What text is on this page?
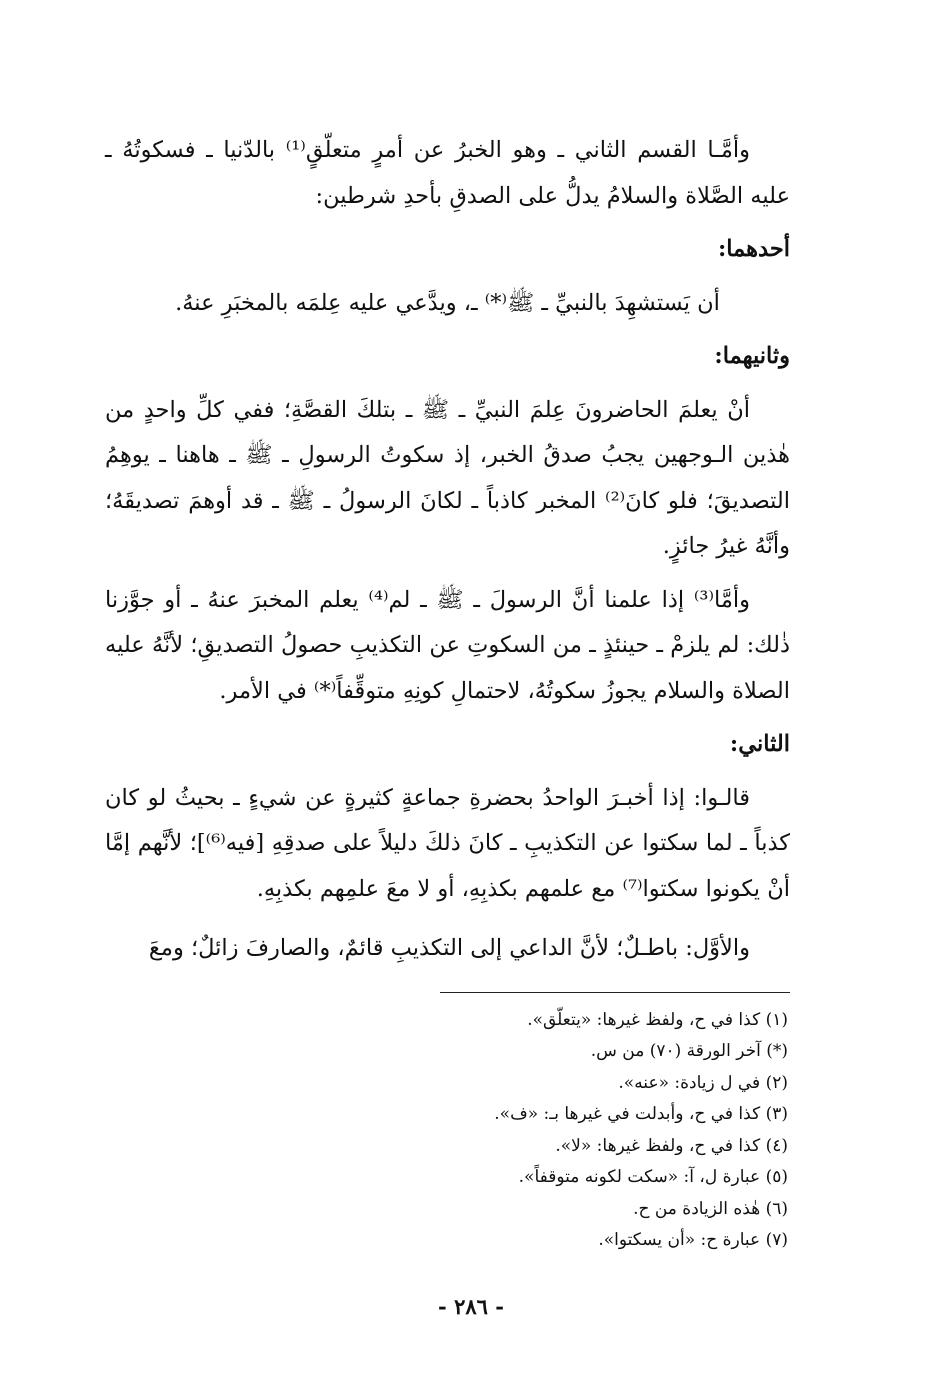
وأمَّـا القسم الثاني ـ وهو الخبرُ عن أمرٍ متعلّقٍ⁽¹⁾ بالدّنيا ـ فسكوتُهُ ـ عليه الصَّلاة والسلامُ يدلُّ على الصدقِ بأحدِ شرطين:

أحدهما:

أن يَستشهِدَ بالنبيِّ ـ ﷺ⁽*⁾ ـ، ويدَّعي عليه عِلمَه بالمخبَرِ عنهُ.

وثانيهما:

أنْ يعلمَ الحاضرونَ عِلمَ النبيِّ ـ ﷺ ـ بتلكَ القصَّةِ؛ ففي كلِّ واحدٍ من هٰذين الـوجهين يجبُ صدقُ الخبر، إذ سكوتُ الرسولِ ـ ﷺ ـ هاهنا ـ يوهِمُ التصديقَ؛ فلو كانَ⁽²⁾ المخبر كاذباً ـ لكانَ الرسولُ ـ ﷺ ـ قد أوهمَ تصديقَهُ؛ وأنَّهُ غيرُ جائزٍ.

وأمَّا⁽³⁾ إذا علمنا أنَّ الرسولَ ـ ﷺ ـ لم⁽⁴⁾ يعلم المخبرَ عنهُ ـ أو جوَّزنا ذٰلك: لم يلزمْ ـ حينئذٍ ـ من السكوتِ عن التكذيبِ حصولُ التصديقِ؛ لأنَّهُ عليه الصلاة والسلام يجوزُ سكوتُهُ، لاحتمالِ كونِهِ متوقِّفاً⁽*⁾ في الأمر.

الثاني:

قالـوا: إذا أخبـرَ الواحدُ بحضرةِ جماعةٍ كثيرةٍ عن شيءٍ ـ بحيثُ لو كان كذباً ـ لما سكتوا عن التكذيبِ ـ كانَ ذلكَ دليلاً على صدقِهِ [فيه⁽⁶⁾]؛ لأنَّهم إمَّا أنْ يكونوا سكتوا⁽⁷⁾ مع علمهم بكذبِهِ، أو لا معَ علمِهم بكذبِهِ.

والأوَّل: باطـلٌ؛ لأنَّ الداعي إلى التكذيبِ قائمٌ، والصارفَ زائلٌ؛ ومعَ

(١) كذا في ح، ولفظ غيرها: «يتعلّق».
(*) آخر الورقة (٧٠) من س.
(٢) في ل زيادة: «عنه».
(٣) كذا في ح، وأبدلت في غيرها بـ: «ف».
(٤) كذا في ح، ولفظ غيرها: «لا».
(٥) عبارة ل، آ: «سكت لكونه متوقفاً».
(٦) هٰذه الزيادة من ح.
(٧) عبارة ح: «أن يسكتوا».
- ٢٨٦ -
